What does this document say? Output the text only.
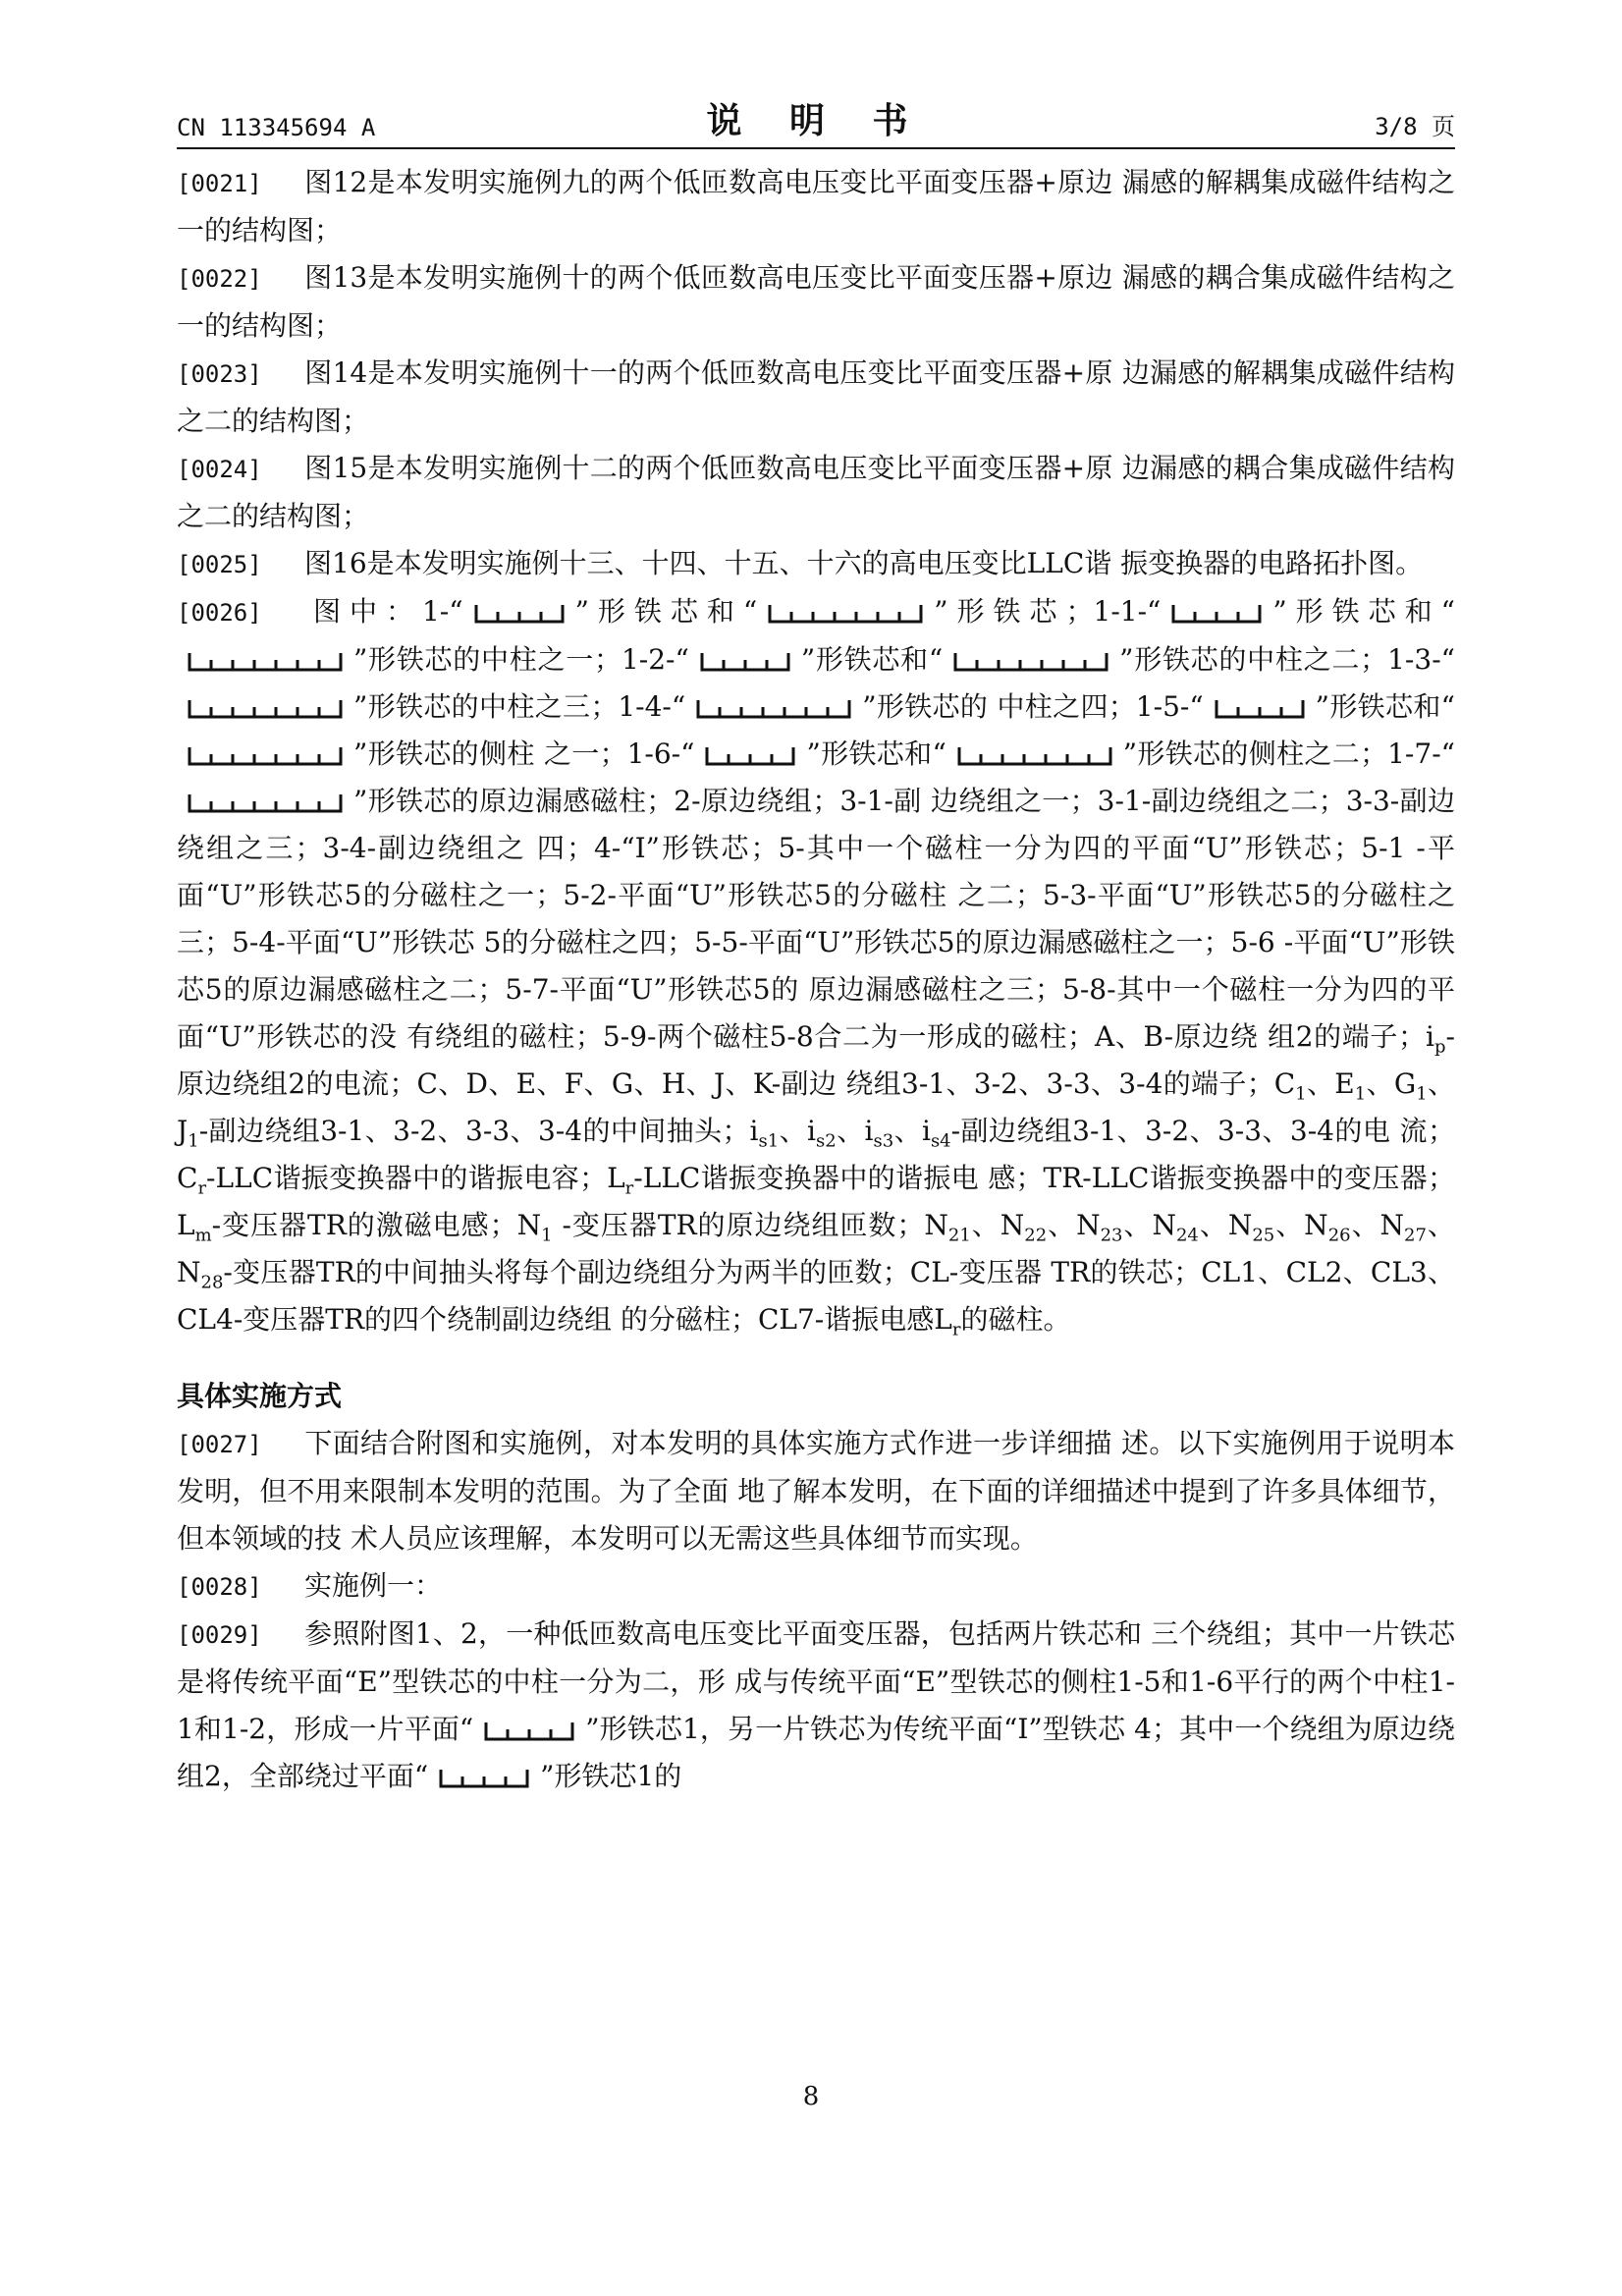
CN 113345694 A	说 明 书	3/8 页

[0021] 图12是本发明实施例九的两个低匝数高电压变比平面变压器+原边 漏感的解耦集成磁件结构之一的结构图；

[0022] 图13是本发明实施例十的两个低匝数高电压变比平面变压器+原边 漏感的耦合集成磁件结构之一的结构图；

[0023] 图14是本发明实施例十一的两个低匝数高电压变比平面变压器+原 边漏感的解耦集成磁件结构之二的结构图；

[0024] 图15是本发明实施例十二的两个低匝数高电压变比平面变压器+原 边漏感的耦合集成磁件结构之二的结构图；

[0025] 图16是本发明实施例十三、十四、十五、十六的高电压变比LLC谐 振变换器的电路拓扑图。

[0026] 图中：1-“	”形铁芯和“	”形铁芯；1-1-“	”形铁芯和“”形铁芯的中柱之一；1-2-“	”形铁芯和“	”形铁芯的中柱之二；1-3-“”形铁芯的中柱之三；1-4-“	”形铁芯的 中柱之四；1-5-“	”形铁芯和“”形铁芯的侧柱 之一；1-6-“	”形铁芯和“	”形铁芯的侧柱之二；1-7-“”形铁芯的原边漏感磁柱；2-原边绕组；3-1-副 边绕组之一；3-1-副边绕组之二；3-3-副边绕组之三；3-4-副边绕组之 四；4-“I”形铁芯；5-其中一个磁柱一分为四的平面“U”形铁芯；5-1 -平面“U”形铁芯5的分磁柱之一；5-2-平面“U”形铁芯5的分磁柱 之二；5-3-平面“U”形铁芯5的分磁柱之三；5-4-平面“U”形铁芯 5的分磁柱之四；5-5-平面“U”形铁芯5的原边漏感磁柱之一；5-6 -平面“U”形铁芯5的原边漏感磁柱之二；5-7-平面“U”形铁芯5的 原边漏感磁柱之三；5-8-其中一个磁柱一分为四的平面“U”形铁芯的没 有绕组的磁柱；5-9-两个磁柱5-8合二为一形成的磁柱；A、B-原边绕 组2的端子；$i_p-$原边绕组2的电流；C、D、E、F、G、H、J、K-副边 绕组3-1、3-2、3-3、3-4的端子；$C_1$、$E_1$、$G_1$、$J_1-$副边绕组3-1、3-2、3-3、3-4的中间抽头；$i_{s1}$、$i_{s2}$、$i_{s3}$、$i_{s4}-$副边绕组3-1、3-2、3-3、3-4的电 流；$C_r$-LLC谐振变换器中的谐振电容；$L_r$-LLC谐振变换器中的谐振电 感；TR-LLC谐振变换器中的变压器；$L_m-$变压器TR的激磁电感；$N_1$ -变压器TR的原边绕组匝数；$N_{21}$、$N_{22}$、$N_{23}$、$N_{24}$、$N_{25}$、$N_{26}$、$N_{27}$、$N_{28}-$变压器TR的中间抽头将每个副边绕组分为两半的匝数；CL-变压器 TR的铁芯；CL1、CL2、CL3、CL4-变压器TR的四个绕制副边绕组 的分磁柱；CL7-谐振电感$L_r$的磁柱。

具体实施方式

[0027] 下面结合附图和实施例，对本发明的具体实施方式作进一步详细描 述。以下实施例用于说明本发明，但不用来限制本发明的范围。为了全面 地了解本发明，在下面的详细描述中提到了许多具体细节，但本领域的技 术人员应该理解，本发明可以无需这些具体细节而实现。

[0028] 实施例一：

[0029] 参照附图1、2，一种低匝数高电压变比平面变压器，包括两片铁芯和 三个绕组；其中一片铁芯是将传统平面“E”型铁芯的中柱一分为二，形 成与传统平面“E”型铁芯的侧柱1-5和1-6平行的两个中柱1-1和1-2，形成一片平面“	”形铁芯1，另一片铁芯为传统平面“I”型铁芯 4；其中一个绕组为原边绕组2，全部绕过平面“	”形铁芯1的

8
